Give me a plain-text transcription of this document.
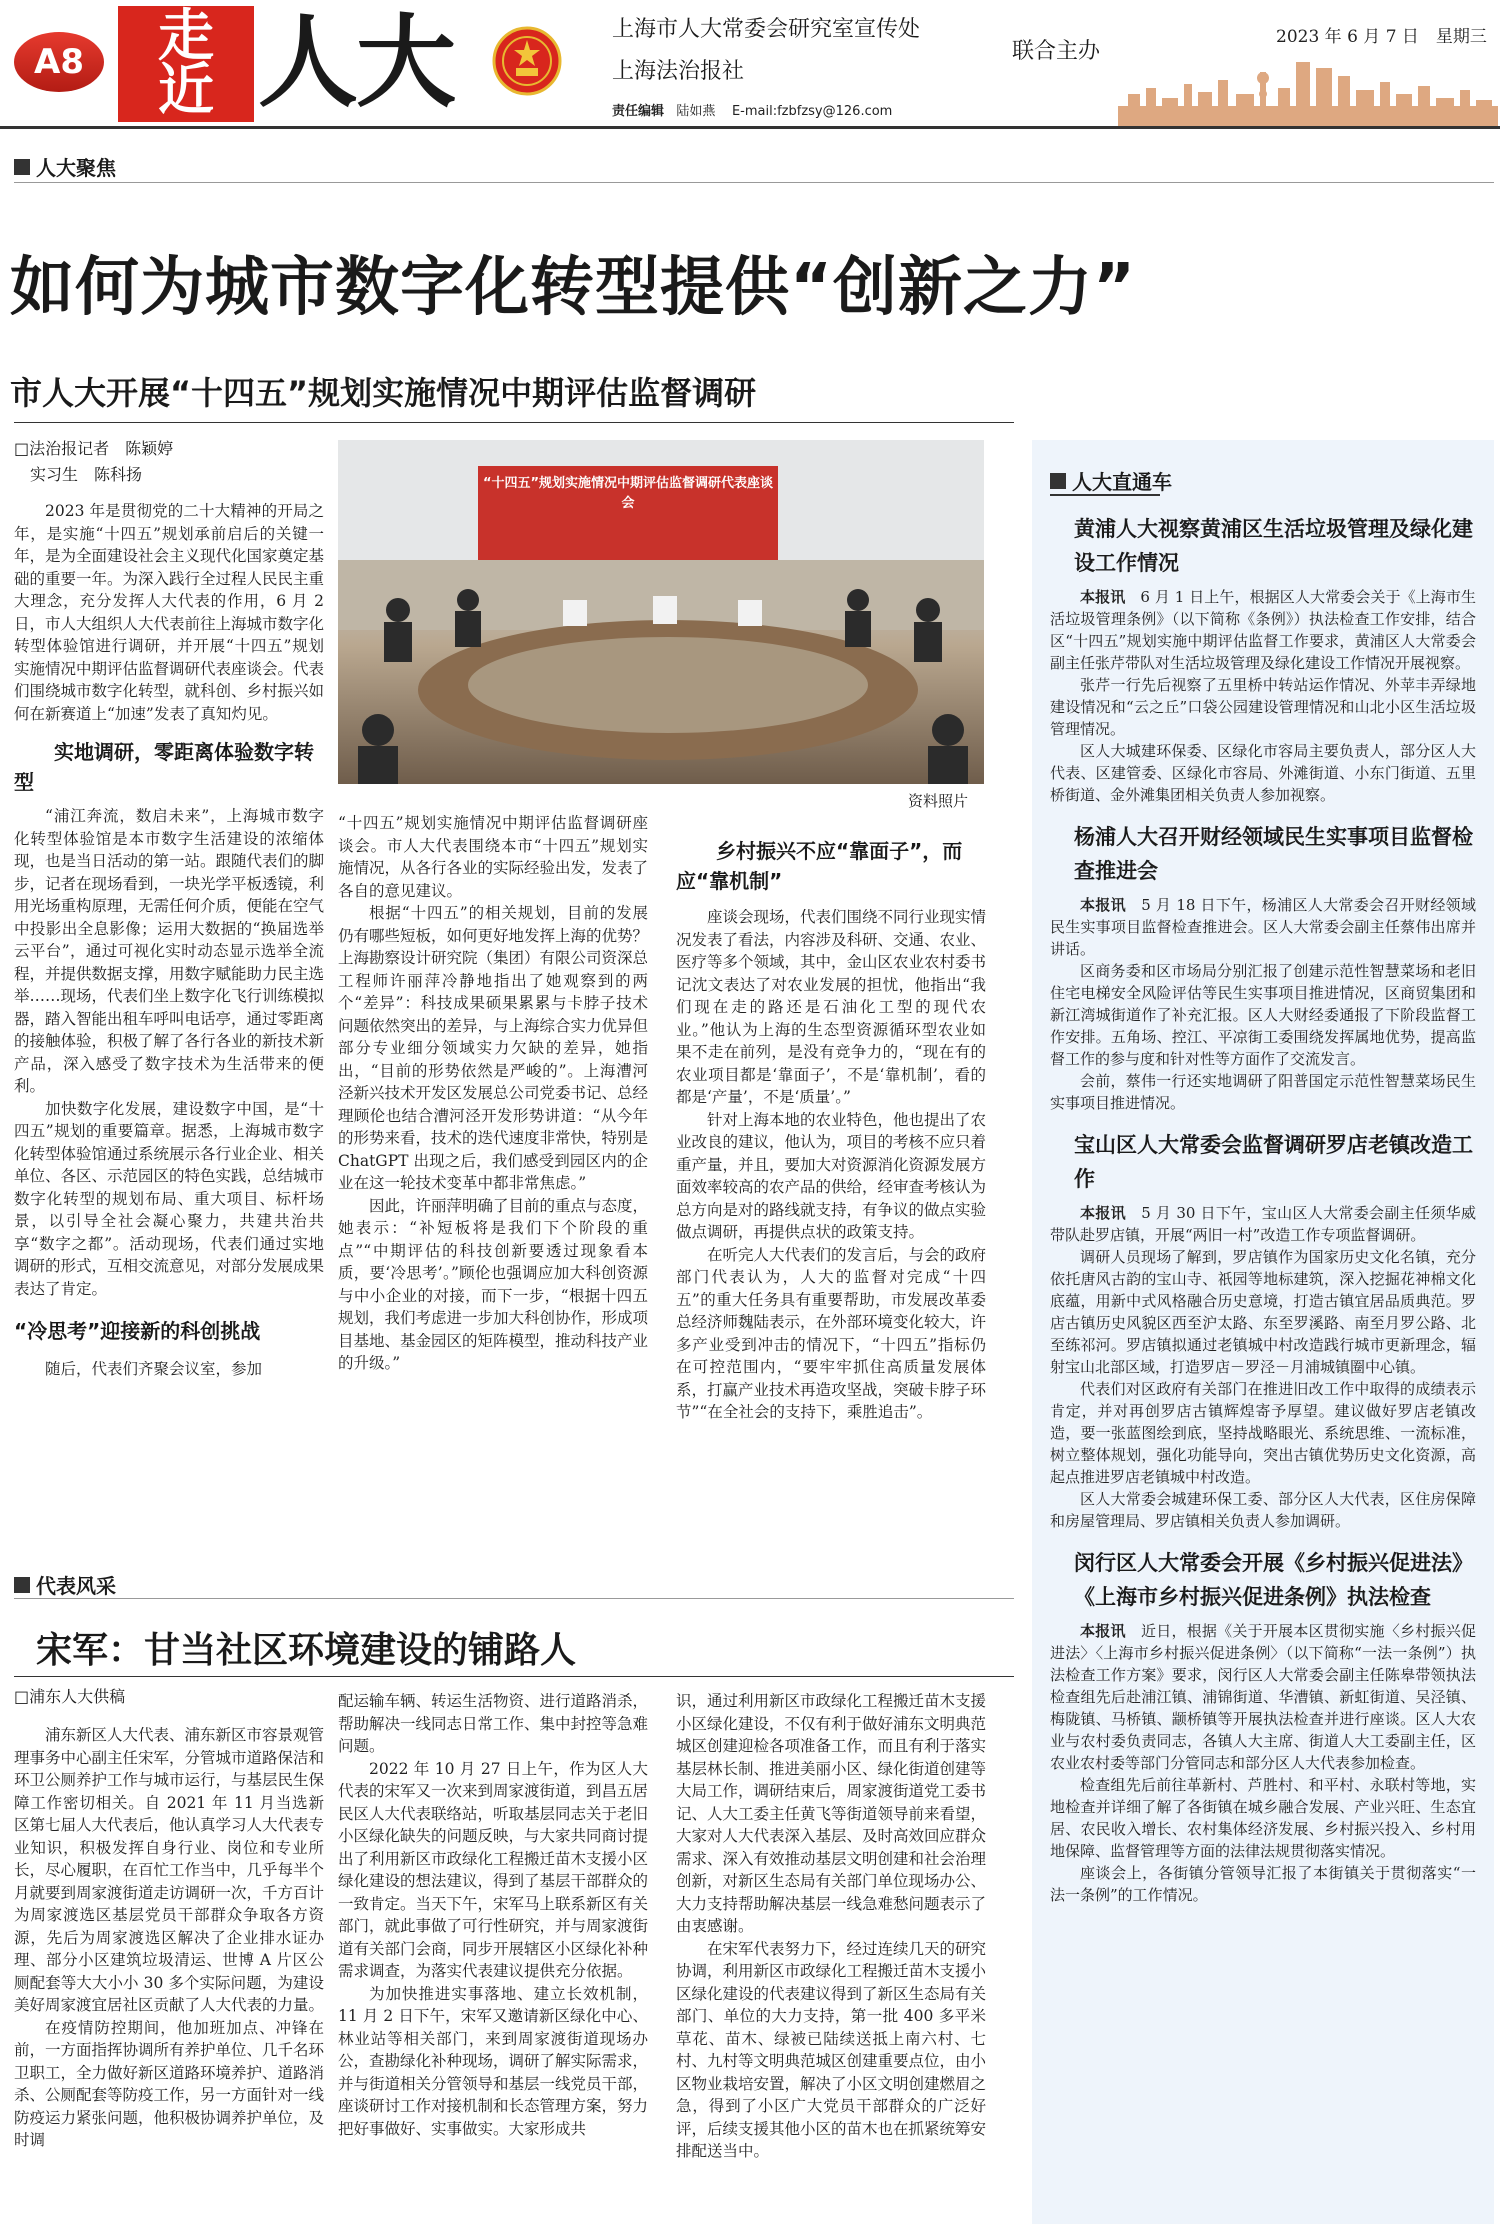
A8	走
近 人大	上海市人大常委会研究室宣传处
上海法治报社
联合主办
责任编辑 陆如燕 E-mail:fzbfzsy@126.com
2023 年 6 月 7 日　星期三
人大聚焦
如何为城市数字化转型提供“创新之力”
市人大开展“十四五”规划实施情况中期评估监督调研
□法治报记者　陈颖婷
　实习生　陈科扬

2023 年是贯彻党的二十大精神的开局之年，是实施“十四五”规划承前启后的关键一年，是为全面建设社会主义现代化国家奠定基础的重要一年。为深入践行全过程人民民主重大理念，充分发挥人大代表的作用，6 月 2 日，市人大组织人大代表前往上海城市数字化转型体验馆进行调研，并开展“十四五”规划实施情况中期评估监督调研代表座谈会。代表们围绕城市数字化转型，就科创、乡村振兴如何在新赛道上“加速”发表了真知灼见。

实地调研，零距离体验数字转型

“浦江奔流，数启未来”，上海城市数字化转型体验馆是本市数字生活建设的浓缩体现，也是当日活动的第一站。跟随代表们的脚步，记者在现场看到，一块光学平板透镜，利用光场重构原理，无需任何介质，便能在空气中投影出全息影像；运用大数据的“换届选举云平台”，通过可视化实时动态显示选举全流程，并提供数据支撑，用数字赋能助力民主选举……现场，代表们坐上数字化飞行训练模拟器，踏入智能出租车呼叫电话亭，通过零距离的接触体验，积极了解了各行各业的新技术新产品，深入感受了数字技术为生活带来的便利。

加快数字化发展，建设数字中国，是“十四五”规划的重要篇章。据悉，上海城市数字化转型体验馆通过系统展示各行业企业、相关单位、各区、示范园区的特色实践，总结城市数字化转型的规划布局、重大项目、标杆场景，以引导全社会凝心聚力，共建共治共享“数字之都”。活动现场，代表们通过实地调研的形式，互相交流意见，对部分发展成果表达了肯定。

“冷思考”迎接新的科创挑战

随后，代表们齐聚会议室，参加

“十四五”规划实施情况中期评估监督调研代表座谈会
资料照片

“十四五”规划实施情况中期评估监督调研座谈会。市人大代表围绕本市“十四五”规划实施情况，从各行各业的实际经验出发，发表了各自的意见建议。

根据“十四五”的相关规划，目前的发展仍有哪些短板，如何更好地发挥上海的优势？上海勘察设计研究院（集团）有限公司资深总工程师许丽萍冷静地指出了她观察到的两个“差异”：科技成果硕果累累与卡脖子技术问题依然突出的差异，与上海综合实力优异但部分专业细分领域实力欠缺的差异，她指出，“目前的形势依然是严峻的”。上海漕河泾新兴技术开发区发展总公司党委书记、总经理顾伦也结合漕河泾开发形势讲道：“从今年的形势来看，技术的迭代速度非常快，特别是 ChatGPT 出现之后，我们感受到园区内的企业在这一轮技术变革中都非常焦虑。”

因此，许丽萍明确了目前的重点与态度，她表示：“补短板将是我们下个阶段的重点”“中期评估的科技创新要透过现象看本质，要‘冷思考’。”顾伦也强调应加大科创资源与中小企业的对接，而下一步，“根据十四五规划，我们考虑进一步加大科创协作，形成项目基地、基金园区的矩阵模型，推动科技产业的升级。”

乡村振兴不应“靠面子”，而应“靠机制”

座谈会现场，代表们围绕不同行业现实情况发表了看法，内容涉及科研、交通、农业、医疗等多个领域，其中，金山区农业农村委书记沈文表达了对农业发展的担忧，他指出“我们现在走的路还是石油化工型的现代农业。”他认为上海的生态型资源循环型农业如果不走在前列，是没有竞争力的，“现在有的农业项目都是‘靠面子’，不是‘靠机制’，看的都是‘产量’，不是‘质量’。”

针对上海本地的农业特色，他也提出了农业改良的建议，他认为，项目的考核不应只着重产量，并且，要加大对资源消化资源发展方面效率较高的农产品的供给，经审查考核认为总方向是对的路线就支持，有争议的做点实验做点调研，再提供点状的政策支持。

在听完人大代表们的发言后，与会的政府部门代表认为，人大的监督对完成“十四五”的重大任务具有重要帮助，市发展改革委总经济师魏陆表示，在外部环境变化较大，许多产业受到冲击的情况下，“十四五”指标仍在可控范围内，“要牢牢抓住高质量发展体系，打赢产业技术再造攻坚战，突破卡脖子环节”“在全社会的支持下，乘胜追击”。

代表风采
宋军：甘当社区环境建设的铺路人
□浦东人大供稿

浦东新区人大代表、浦东新区市容景观管理事务中心副主任宋军，分管城市道路保洁和环卫公厕养护工作与城市运行，与基层民生保障工作密切相关。自 2021 年 11 月当选新区第七届人大代表后，他认真学习人大代表专业知识，积极发挥自身行业、岗位和专业所长，尽心履职，在百忙工作当中，几乎每半个月就要到周家渡街道走访调研一次，千方百计为周家渡选区基层党员干部群众争取各方资源，先后为周家渡选区解决了企业排水证办理、部分小区建筑垃圾清运、世博 A 片区公厕配套等大大小小 30 多个实际问题，为建设美好周家渡宜居社区贡献了人大代表的力量。

在疫情防控期间，他加班加点、冲锋在前，一方面指挥协调所有养护单位、几千名环卫职工，全力做好新区道路环境养护、道路消杀、公厕配套等防疫工作，另一方面针对一线防疫运力紧张问题，他积极协调养护单位，及时调

配运输车辆、转运生活物资、进行道路消杀，帮助解决一线同志日常工作、集中封控等急难问题。

2022 年 10 月 27 日上午，作为区人大代表的宋军又一次来到周家渡街道，到昌五居民区人大代表联络站，听取基层同志关于老旧小区绿化缺失的问题反映，与大家共同商讨提出了利用新区市政绿化工程搬迁苗木支援小区绿化建设的想法建议，得到了基层干部群众的一致肯定。当天下午，宋军马上联系新区有关部门，就此事做了可行性研究，并与周家渡街道有关部门会商，同步开展辖区小区绿化补种需求调查，为落实代表建议提供充分依据。

为加快推进实事落地、建立长效机制，11 月 2 日下午，宋军又邀请新区绿化中心、林业站等相关部门，来到周家渡街道现场办公，查勘绿化补种现场，调研了解实际需求，并与街道相关分管领导和基层一线党员干部，座谈研讨工作对接机制和长态管理方案，努力把好事做好、实事做实。大家形成共

识，通过利用新区市政绿化工程搬迁苗木支援小区绿化建设，不仅有利于做好浦东文明典范城区创建迎检各项准备工作，而且有利于落实基层林长制、推进美丽小区、绿化街道创建等大局工作，调研结束后，周家渡街道党工委书记、人大工委主任黄飞等街道领导前来看望，大家对人大代表深入基层、及时高效回应群众需求、深入有效推动基层文明创建和社会治理创新，对新区生态局有关部门单位现场办公、大力支持帮助解决基层一线急难愁问题表示了由衷感谢。

在宋军代表努力下，经过连续几天的研究协调，利用新区市政绿化工程搬迁苗木支援小区绿化建设的代表建议得到了新区生态局有关部门、单位的大力支持，第一批 400 多平米草花、苗木、绿被已陆续送抵上南六村、七村、九村等文明典范城区创建重要点位，由小区物业栽培安置，解决了小区文明创建燃眉之急，得到了小区广大党员干部群众的广泛好评，后续支援其他小区的苗木也在抓紧统筹安排配送当中。

人大直通车
黄浦人大视察黄浦区生活垃圾管理及绿化建设工作情况

本报讯　 6 月 1 日上午，根据区人大常委会关于《上海市生活垃圾管理条例》（以下简称《条例》）执法检查工作安排，结合区“十四五”规划实施中期评估监督工作要求，黄浦区人大常委会副主任张芹带队对生活垃圾管理及绿化建设工作情况开展视察。

张芹一行先后视察了五里桥中转站运作情况、外苹丰弄绿地建设情况和“云之丘”口袋公园建设管理情况和山北小区生活垃圾管理情况。

区人大城建环保委、区绿化市容局主要负责人，部分区人大代表、区建管委、区绿化市容局、外滩街道、小东门街道、五里桥街道、金外滩集团相关负责人参加视察。

杨浦人大召开财经领域民生实事项目监督检查推进会

本报讯　 5 月 18 日下午，杨浦区人大常委会召开财经领域民生实事项目监督检查推进会。区人大常委会副主任蔡伟出席并讲话。

区商务委和区市场局分别汇报了创建示范性智慧菜场和老旧住宅电梯安全风险评估等民生实事项目推进情况，区商贸集团和新江湾城街道作了补充汇报。区人大财经委通报了下阶段监督工作安排。五角场、控江、平凉街工委围绕发挥属地优势，提高监督工作的参与度和针对性等方面作了交流发言。

会前，蔡伟一行还实地调研了阳普国定示范性智慧菜场民生实事项目推进情况。

宝山区人大常委会监督调研罗店老镇改造工作

本报讯　 5 月 30 日下午，宝山区人大常委会副主任须华威带队赴罗店镇，开展“两旧一村”改造工作专项监督调研。

调研人员现场了解到，罗店镇作为国家历史文化名镇，充分依托唐风古韵的宝山寺、祇园等地标建筑，深入挖掘花神棉文化底蕴，用新中式风格融合历史意境，打造古镇宜居品质典范。罗店古镇历史风貌区西至沪太路、东至罗溪路、南至月罗公路、北至练祁河。罗店镇拟通过老镇城中村改造践行城市更新理念，辐射宝山北部区域，打造罗店－罗泾－月浦城镇圈中心镇。

代表们对区政府有关部门在推进旧改工作中取得的成绩表示肯定，并对再创罗店古镇辉煌寄予厚望。建议做好罗店老镇改造，要一张蓝图绘到底，坚持战略眼光、系统思维、一流标准，树立整体规划，强化功能导向，突出古镇优势历史文化资源，高起点推进罗店老镇城中村改造。

区人大常委会城建环保工委、部分区人大代表，区住房保障和房屋管理局、罗店镇相关负责人参加调研。

闵行区人大常委会开展《乡村振兴促进法》《上海市乡村振兴促进条例》执法检查

本报讯　 近日，根据《关于开展本区贯彻实施〈乡村振兴促进法〉〈上海市乡村振兴促进条例〉（以下简称“一法一条例”）执法检查工作方案》要求，闵行区人大常委会副主任陈皋带领执法检查组先后赴浦江镇、浦锦街道、华漕镇、新虹街道、吴泾镇、梅陇镇、马桥镇、颛桥镇等开展执法检查并进行座谈。区人大农业与农村委负责同志，各镇人大主席、街道人大工委副主任，区农业农村委等部门分管同志和部分区人大代表参加检查。

检查组先后前往革新村、芦胜村、和平村、永联村等地，实地检查并详细了解了各街镇在城乡融合发展、产业兴旺、生态宜居、农民收入增长、农村集体经济发展、乡村振兴投入、乡村用地保障、监督管理等方面的法律法规贯彻落实情况。

座谈会上，各街镇分管领导汇报了本街镇关于贯彻落实“一法一条例”的工作情况。
